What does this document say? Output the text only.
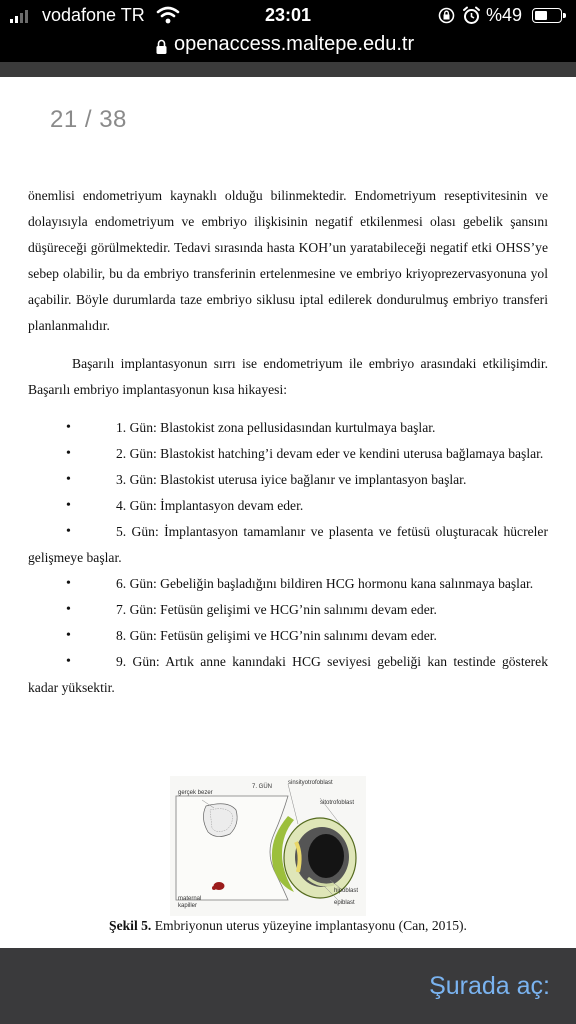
vodafone TR	23:01	%49
openaccess.maltepe.edu.tr
21 / 38

önemlisi endometriyum kaynaklı olduğu bilinmektedir. Endometriyum reseptivitesinin ve dolayısıyla endometriyum ve embriyo ilişkisinin negatif etkilenmesi olası gebelik şansını düşüreceği görülmektedir. Tedavi sırasında hasta KOH’un yaratabileceği negatif etki OHSS’ye sebep olabilir, bu da embriyo transferinin ertelenmesine ve embriyo kriyoprezervasyonuna yol açabilir. Böyle durumlarda taze embriyo siklusu iptal edilerek dondurulmuş embriyo transferi planlanmalıdır.

Başarılı implantasyonun sırrı ise endometriyum ile embriyo arasındaki etkilişimdir. Başarılı embriyo implantasyonun kısa hikayesi:

• 1. Gün: Blastokist zona pellusidasından kurtulmaya başlar.
• 2. Gün: Blastokist hatching’i devam eder ve kendini uterusa bağlamaya başlar.
• 3. Gün: Blastokist uterusa iyice bağlanır ve implantasyon başlar.
• 4. Gün: İmplantasyon devam eder.
• 5. Gün: İmplantasyon tamamlanır ve plasenta ve fetüsü oluşturacak hücreler gelişmeye başlar.
• 6. Gün: Gebeliğin başladığını bildiren HCG hormonu kana salınmaya başlar.
• 7. Gün: Fetüsün gelişimi ve HCG’nin salınımı devam eder.
• 8. Gün: Fetüsün gelişimi ve HCG’nin salınımı devam eder.
• 9. Gün: Artık anne kanındaki HCG seviyesi gebeliği kan testinde gösterek kadar yüksektir.
7. GÜN
gerçek bezer
sinsityotrofoblast
sitotrofoblast
hipoblast
epiblast
maternal kapiller
Şekil 5. Embriyonun uterus yüzeyine implantasyonu (Can, 2015).
Şurada aç:
